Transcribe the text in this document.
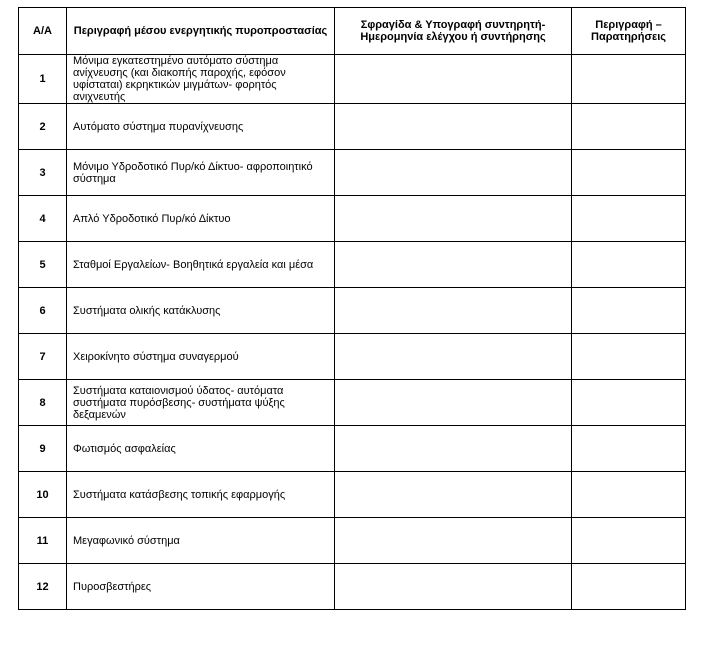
Α/Α	Περιγραφή μέσου ενεργητικής πυροπροστασίας	Σφραγίδα & Υπογραφή συντηρητή- Ημερομηνία ελέγχου ή συντήρησης	Περιγραφή – Παρατηρήσεις
1	Μόνιμα εγκατεστημένο αυτόματο σύστημα ανίχνευσης (και διακοπής παροχής, εφόσον υφίσταται) εκρηκτικών μιγμάτων- φορητός ανιχνευτής		
2	Αυτόματο σύστημα πυρανίχνευσης		
3	Μόνιμο Υδροδοτικό Πυρ/κό Δίκτυο- αφροποιητικό σύστημα		
4	Απλό Υδροδοτικό Πυρ/κό Δίκτυο		
5	Σταθμοί Εργαλείων- Βοηθητικά εργαλεία και μέσα		
6	Συστήματα ολικής κατάκλυσης		
7	Χειροκίνητο σύστημα συναγερμού		
8	Συστήματα καταιονισμού ύδατος- αυτόματα συστήματα πυρόσβεσης- συστήματα ψύξης δεξαμενών		
9	Φωτισμός ασφαλείας		
10	Συστήματα κατάσβεσης τοπικής εφαρμογής		
11	Μεγαφωνικό σύστημα		
12	Πυροσβεστήρες		
